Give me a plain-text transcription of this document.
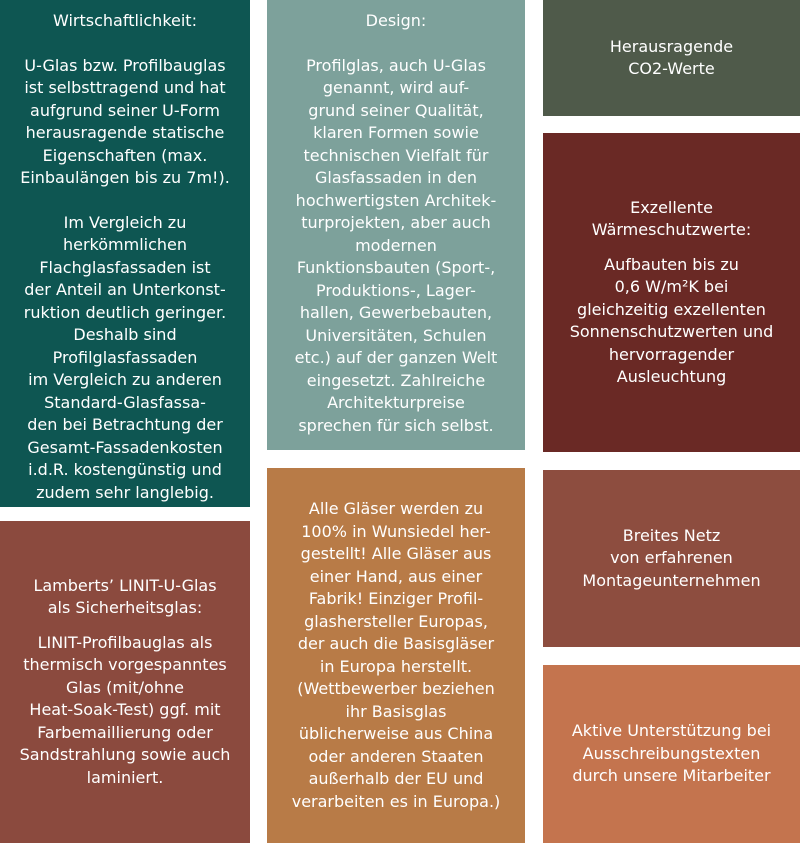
Wirtschaftlichkeit:
U-Glas bzw. Profilbauglas
ist selbsttragend und hat
aufgrund seiner U-Form
herausragende statische
Eigenschaften (max.
Einbaulängen bis zu 7m!).
Im Vergleich zu
herkömmlichen
Flachglasfassaden ist
der Anteil an Unterkonst-
ruktion deutlich geringer.
Deshalb sind
Profilglasfassaden
im Vergleich zu anderen
Standard-Glasfassa-
den bei Betrachtung der
Gesamt-Fassadenkosten
i.d.R. kostengünstig und
zudem sehr langlebig.
Design:
Profilglas, auch U-Glas
genannt, wird auf-
grund seiner Qualität,
klaren Formen sowie
technischen Vielfalt für
Glasfassaden in den
hochwertigsten Architek-
turprojekten, aber auch
modernen
Funktionsbauten (Sport-,
Produktions-, Lager-
hallen, Gewerbebauten,
Universitäten, Schulen
etc.) auf der ganzen Welt
eingesetzt. Zahlreiche
Architekturpreise
sprechen für sich selbst.
Herausragende
CO2-Werte
Exzellente
Wärmeschutzwerte:
Aufbauten bis zu
0,6 W/m²K bei
gleichzeitig exzellenten
Sonnenschutzwerten und
hervorragender
Ausleuchtung
Lamberts’ LINIT-U-Glas
als Sicherheitsglas:
LINIT-Profilbauglas als
thermisch vorgespanntes
Glas (mit/ohne
Heat-Soak-Test) ggf. mit
Farbemaillierung oder
Sandstrahlung sowie auch
laminiert.
Alle Gläser werden zu
100% in Wunsiedel her-
gestellt! Alle Gläser aus
einer Hand, aus einer
Fabrik! Einziger Profil-
glashersteller Europas,
der auch die Basisgläser
in Europa herstellt.
(Wettbewerber beziehen
ihr Basisglas
üblicherweise aus China
oder anderen Staaten
außerhalb der EU und
verarbeiten es in Europa.)
Breites Netz
von erfahrenen
Montageunternehmen
Aktive Unterstützung bei
Ausschreibungstexten
durch unsere Mitarbeiter
